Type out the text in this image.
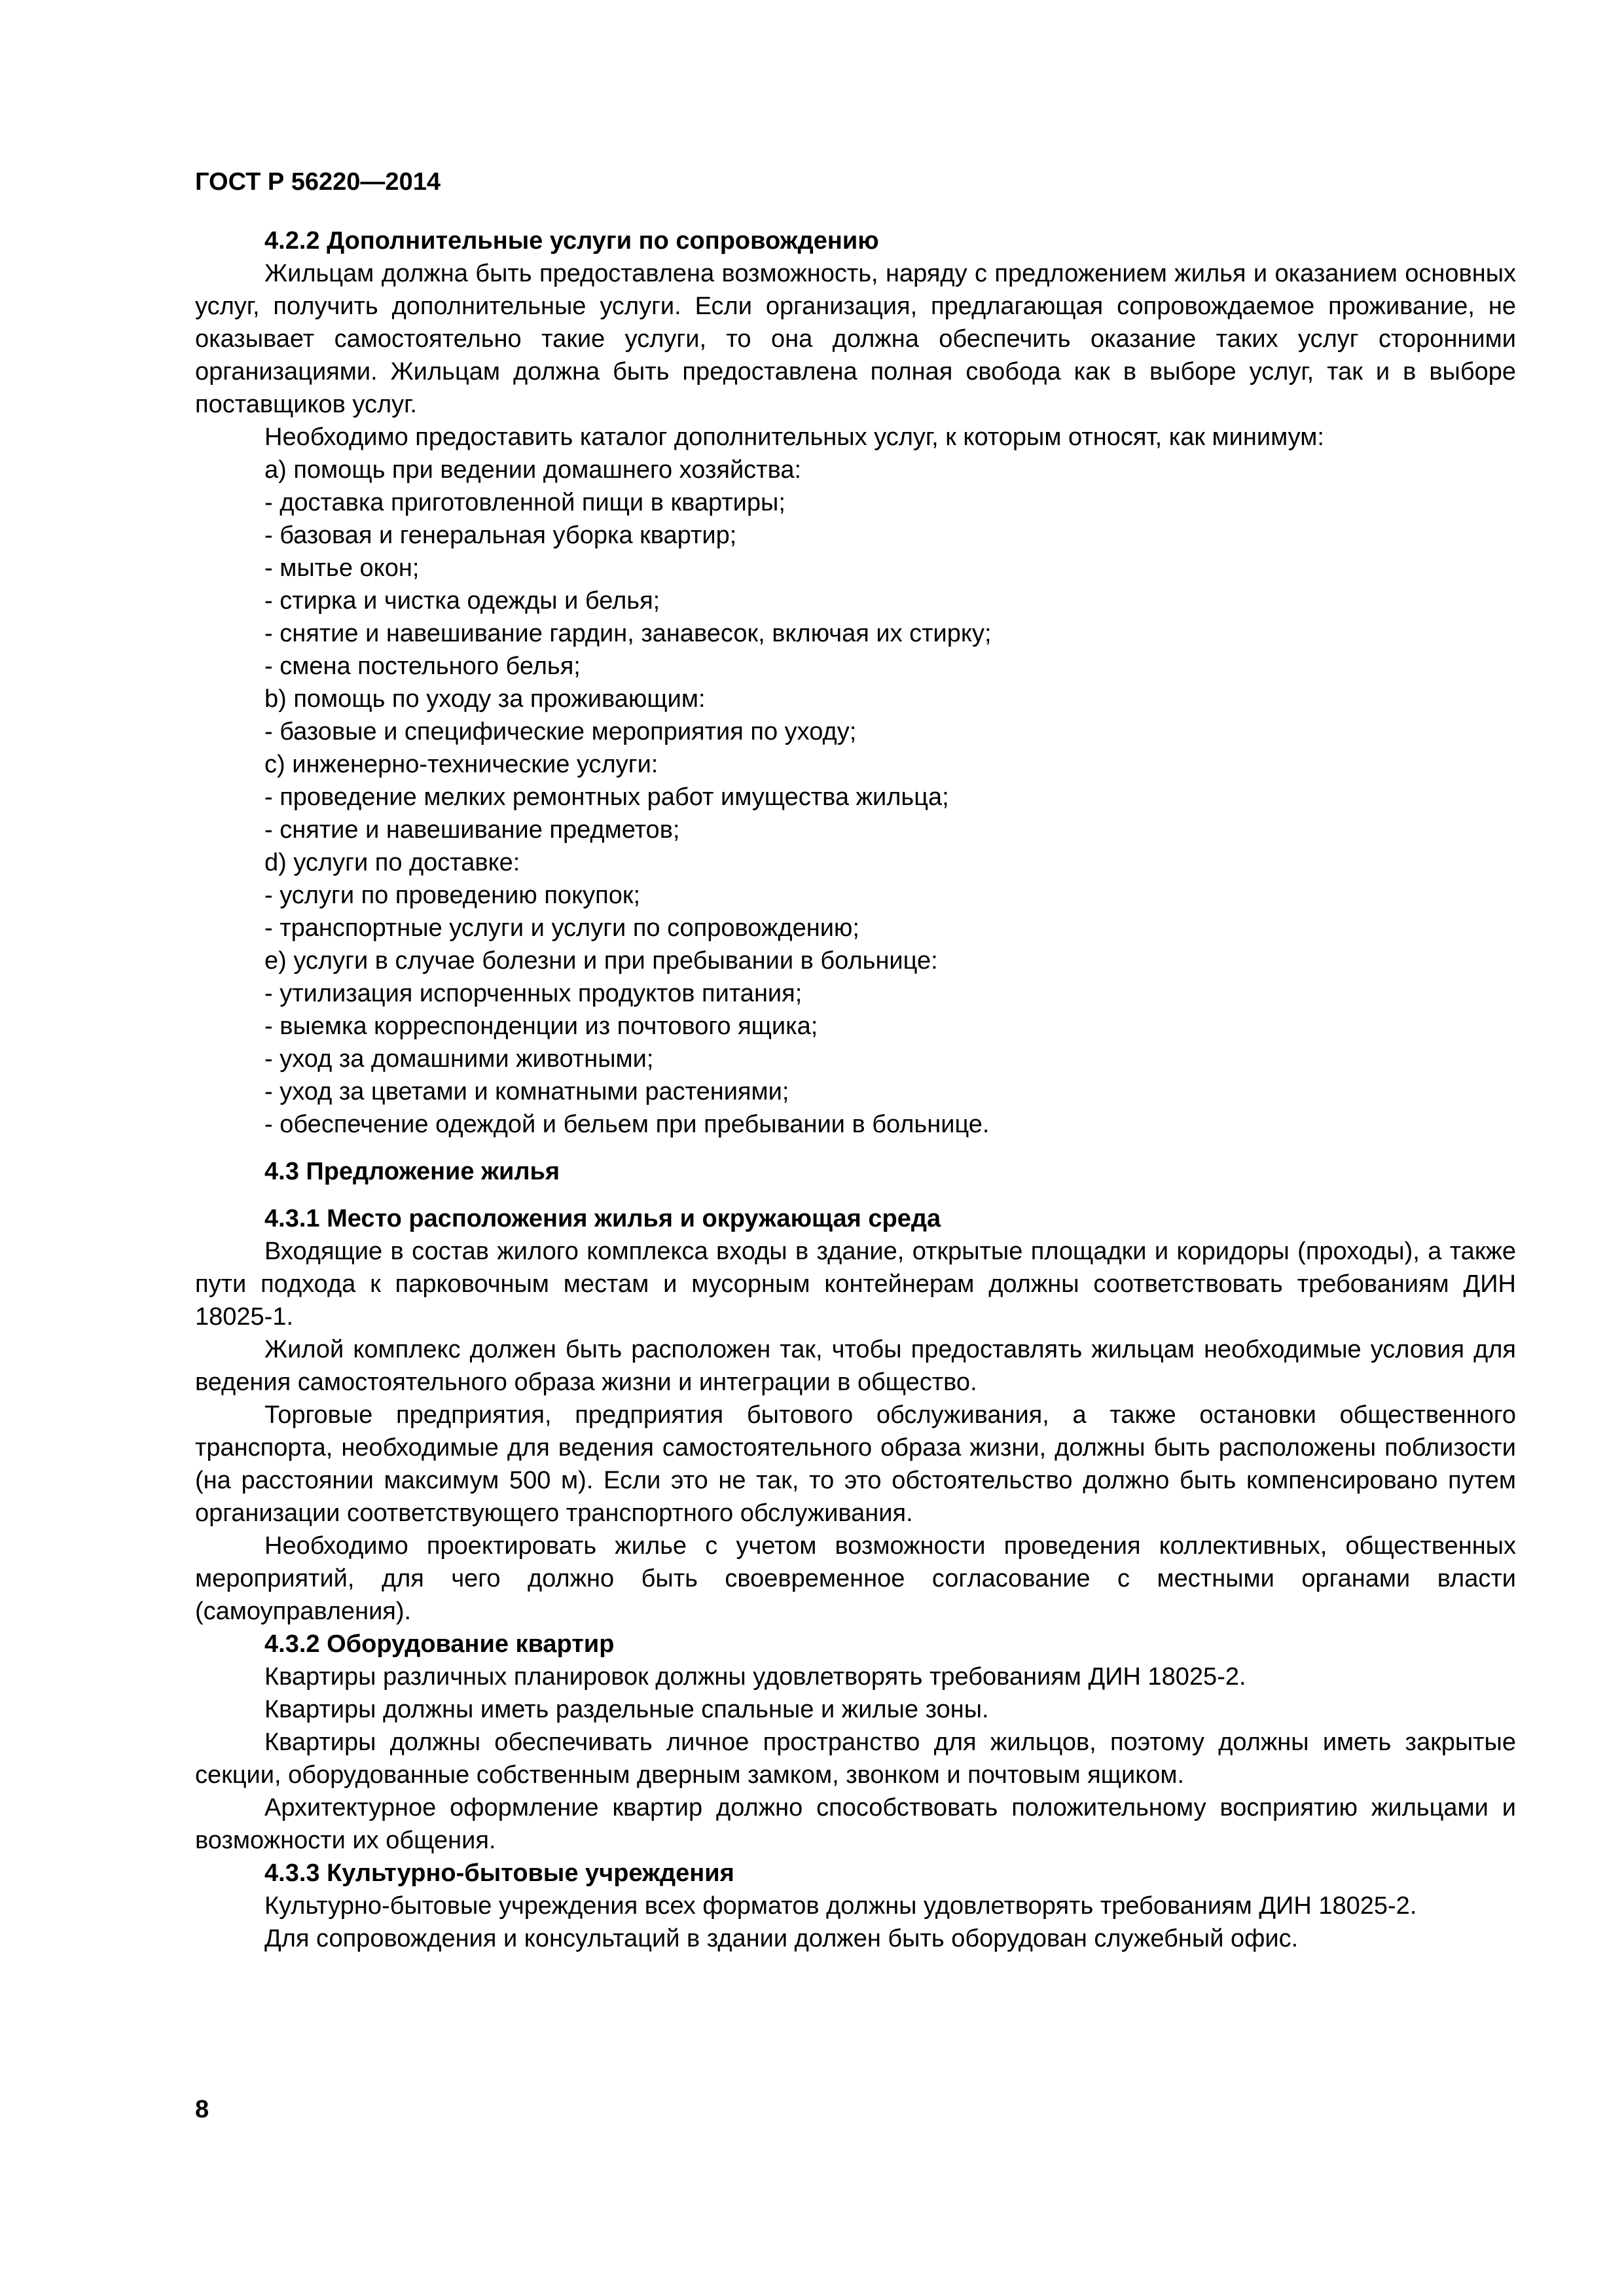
ГОСТ Р 56220—2014

4.2.2 Дополнительные услуги по сопровождению

Жильцам должна быть предоставлена возможность, наряду с предложением жилья и оказанием основных услуг, получить дополнительные услуги. Если организация, предлагающая сопровождаемое проживание, не оказывает самостоятельно такие услуги, то она должна обеспечить оказание таких услуг сторонними организациями. Жильцам должна быть предоставлена полная свобода как в выборе услуг, так и в выборе поставщиков услуг.

Необходимо предоставить каталог дополнительных услуг, к которым относят, как минимум:

a) помощь при ведении домашнего хозяйства:

- доставка приготовленной пищи в квартиры;

- базовая и генеральная уборка квартир;

- мытье окон;

- стирка и чистка одежды и белья;

- снятие и навешивание гардин, занавесок, включая их стирку;

- смена постельного белья;

b) помощь по уходу за проживающим:

- базовые и специфические мероприятия по уходу;

c) инженерно-технические услуги:

- проведение мелких ремонтных работ имущества жильца;

- снятие и навешивание предметов;

d) услуги по доставке:

- услуги по проведению покупок;

- транспортные услуги и услуги по сопровождению;

e) услуги в случае болезни и при пребывании в больнице:

- утилизация испорченных продуктов питания;

- выемка корреспонденции из почтового ящика;

- уход за домашними животными;

- уход за цветами и комнатными растениями;

- обеспечение одеждой и бельем при пребывании в больнице.

4.3 Предложение жилья

4.3.1 Место расположения жилья и окружающая среда

Входящие в состав жилого комплекса входы в здание, открытые площадки и коридоры (проходы), а также пути подхода к парковочным местам и мусорным контейнерам должны соответствовать требованиям ДИН 18025-1.

Жилой комплекс должен быть расположен так, чтобы предоставлять жильцам необходимые условия для ведения самостоятельного образа жизни и интеграции в общество.

Торговые предприятия, предприятия бытового обслуживания, а также остановки общественного транспорта, необходимые для ведения самостоятельного образа жизни, должны быть расположены поблизости (на расстоянии максимум 500 м). Если это не так, то это обстоятельство должно быть компенсировано путем организации соответствующего транспортного обслуживания.

Необходимо проектировать жилье с учетом возможности проведения коллективных, общественных мероприятий, для чего должно быть своевременное согласование с местными органами власти (самоуправления).

4.3.2 Оборудование квартир

Квартиры различных планировок должны удовлетворять требованиям ДИН 18025-2.

Квартиры должны иметь раздельные спальные и жилые зоны.

Квартиры должны обеспечивать личное пространство для жильцов, поэтому должны иметь закрытые секции, оборудованные собственным дверным замком, звонком и почтовым ящиком.

Архитектурное оформление квартир должно способствовать положительному восприятию жильцами и возможности их общения.

4.3.3 Культурно-бытовые учреждения

Культурно-бытовые учреждения всех форматов должны удовлетворять требованиям ДИН 18025-2.

Для сопровождения и консультаций в здании должен быть оборудован служебный офис.

8
